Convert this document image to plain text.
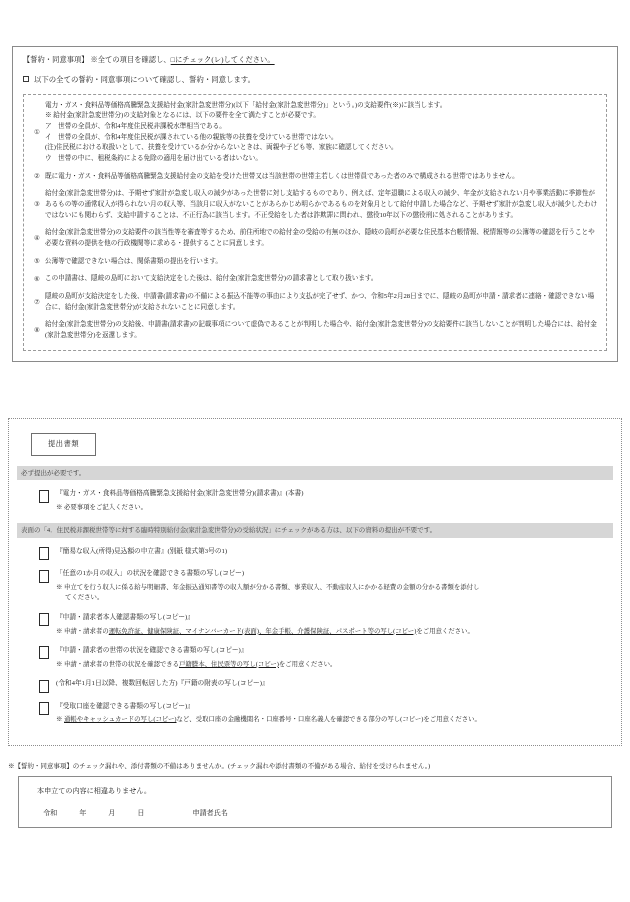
【誓約・同意事項】 ※全ての項目を確認し、□にチェック(レ)してください。
以下の全ての誓約・同意事項について確認し、誓約・同意します。
①
電力・ガス・食料品等価格高騰緊急支援給付金(家計急変世帯分)(以下「給付金(家計急変世帯分)」という。)の支給要件(※)に該当します。
※ 給付金(家計急変世帯分)の支給対象となるには、以下の要件を全て満たすことが必要です。
ア　世帯の全員が、令和4年度住民税非課税水準相当である。
イ　世帯の全員が、令和4年度住民税が課されている他の親族等の扶養を受けている世帯ではない。
(注)住民税における取扱いとして、扶養を受けているか分からないときは、両親や子ども等、家族に確認してください。
ウ　世帯の中に、租税条約による免除の適用を届け出ている者はいない。
② 既に電力・ガス・食料品等価格高騰緊急支援給付金の支給を受けた世帯又は当該世帯の世帯主若しくは世帯員であった者のみで構成される世帯ではありません。
③
給付金(家計急変世帯分)は、予期せず家計が急変し収入の減少があった世帯に対し支給するものであり、例えば、定年退職による収入の減少、年金が支給されない月や事業活動に季節性があるもの等の通常収入が得られない月の収入等、当該月に収入がないことがあらかじめ明らかであるものを対象月として給付申請した場合など、予期せず家計が急変し収入が減少したわけではないにも関わらず、支給申請することは、不正行為に該当します。不正受給をした者は詐欺罪に問われ、懲役10年以下の懲役刑に処されることがあります。
④
給付金(家計急変世帯分)の支給要件の該当性等を審査等するため、前住所地での給付金の受給の有無のほか、隠岐の島町が必要な住民基本台帳情報、税情報等の公簿等の確認を行うことや必要な資料の提供を他の行政機関等に求める・提供することに同意します。
⑤ 公簿等で確認できない場合は、関係書類の提出を行います。
⑥ この申請書は、隠岐の島町において支給決定をした後は、給付金(家計急変世帯分)の請求書として取り扱います。
⑦
隠岐の島町が支給決定をした後、申請書(請求書)の不備による振込不能等の事由により支払が完了せず、かつ、令和5年2月28日までに、隠岐の島町が申請・請求者に連絡・確認できない場合に、給付金(家計急変世帯分)が支給されないことに同意します。
⑧
給付金(家計急変世帯分)の支給後、申請書(請求書)の記載事項について虚偽であることが判明した場合や、給付金(家計急変世帯分)の支給要件に該当しないことが判明した場合には、給付金(家計急変世帯分)を返還します。
提出書類
必ず提出が必要です。
『電力・ガス・食料品等価格高騰緊急支援給付金(家計急変世帯分)(請求書)』(本書)
※ 必要事項をご記入ください。
表面の「4．住民税非課税世帯等に対する臨時特別給付金(家計急変世帯分)の受給状況」にチェックがある方は、以下の資料の提出が不要です。
『簡易な収入(所得)見込額の申立書』(別紙 様式第3号の1)
「任意の1か月の収入」の状況を確認できる書類の写し(コピー)
※ 申立てを行う収入に係る給与明細書、年金振込通知書等の収入額が分かる書類、事業収入、不動産収入にかかる経費の金額の分かる書類を添付し
てください。
『申請・請求者本人確認書類の写し(コピー)』
※ 申請・請求者の運転免許証、健康保険証、マイナンバーカード(表面)、年金手帳、介護保険証、パスポート等の写し(コピー)をご用意ください。
『申請・請求者の世帯の状況を確認できる書類の写し(コピー)』
※ 申請・請求者の世帯の状況を確認できる戸籍謄本、住民票等の写し(コピー)をご用意ください。
(令和4年1月1日以降、複数回転居した方)『戸籍の附表の写し(コピー)』
『受取口座を確認できる書類の写し(コピー)』
※ 通帳やキャッシュカードの写し(コピー)など、受取口座の金融機関名・口座番号・口座名義人を確認できる部分の写し(コピー)をご用意ください。
※【誓約・同意事項】のチェック漏れや、添付書類の不備はありませんか。(チェック漏れや添付書類の不備がある場合、給付を受けられません。)
本申立ての内容に相違ありません。
令和	年	月	日	申請者氏名
